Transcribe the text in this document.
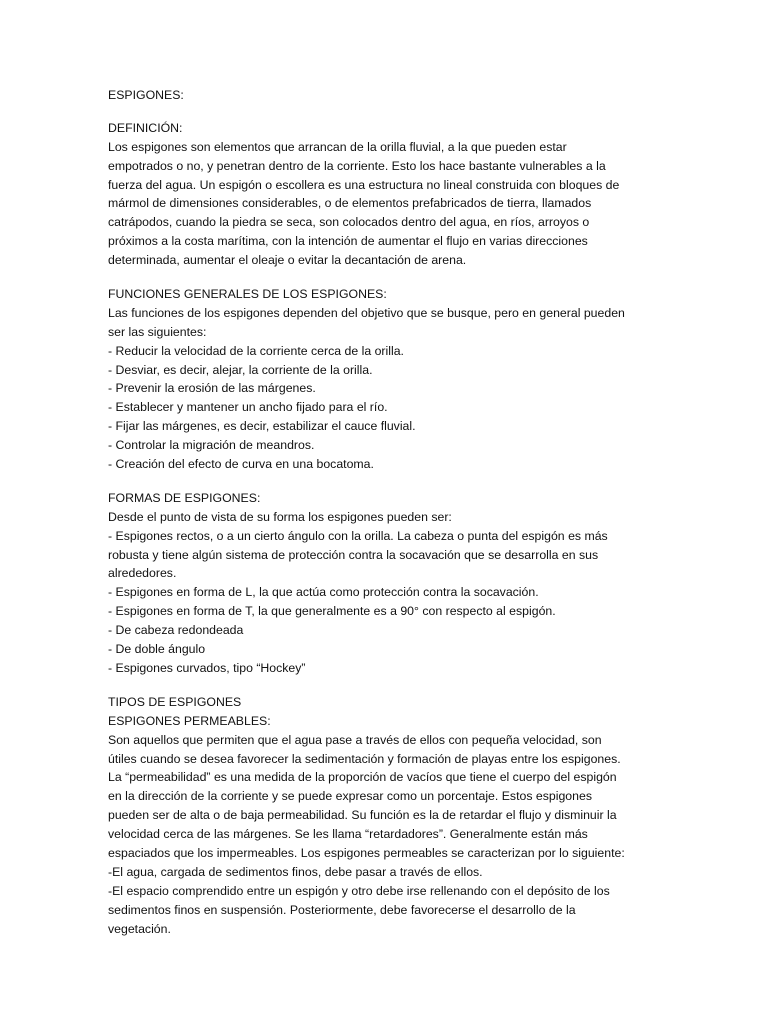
ESPIGONES:

DEFINICIÓN:

Los espigones son elementos que arrancan de la orilla fluvial, a la que pueden estar

empotrados o no, y penetran dentro de la corriente. Esto los hace bastante vulnerables a la

fuerza del agua. Un espigón o escollera es una estructura no lineal construida con bloques de

mármol de dimensiones considerables, o de elementos prefabricados de tierra, llamados

catrápodos, cuando la piedra se seca, son colocados dentro del agua, en ríos, arroyos o

próximos a la costa marítima, con la intención de aumentar el flujo en varias direcciones

determinada, aumentar el oleaje o evitar la decantación de arena.

FUNCIONES GENERALES DE LOS ESPIGONES:

Las funciones de los espigones dependen del objetivo que se busque, pero en general pueden

ser las siguientes:

- Reducir la velocidad de la corriente cerca de la orilla.

- Desviar, es decir, alejar, la corriente de la orilla.

- Prevenir la erosión de las márgenes.

- Establecer y mantener un ancho fijado para el río.

- Fijar las márgenes, es decir, estabilizar el cauce fluvial.

- Controlar la migración de meandros.

- Creación del efecto de curva en una bocatoma.

FORMAS DE ESPIGONES:

Desde el punto de vista de su forma los espigones pueden ser:

- Espigones rectos, o a un cierto ángulo con la orilla. La cabeza o punta del espigón es más

robusta y tiene algún sistema de protección contra la socavación que se desarrolla en sus

alrededores.

- Espigones en forma de L, la que actúa como protección contra la socavación.

- Espigones en forma de T, la que generalmente es a 90° con respecto al espigón.

- De cabeza redondeada

- De doble ángulo

- Espigones curvados, tipo “Hockey”

TIPOS DE ESPIGONES

ESPIGONES PERMEABLES:

Son aquellos que permiten que el agua pase a través de ellos con pequeña velocidad, son

útiles cuando se desea favorecer la sedimentación y formación de playas entre los espigones.

La “permeabilidad” es una medida de la proporción de vacíos que tiene el cuerpo del espigón

en la dirección de la corriente y se puede expresar como un porcentaje. Estos espigones

pueden ser de alta o de baja permeabilidad. Su función es la de retardar el flujo y disminuir la

velocidad cerca de las márgenes. Se les llama “retardadores”. Generalmente están más

espaciados que los impermeables. Los espigones permeables se caracterizan por lo siguiente:

-El agua, cargada de sedimentos finos, debe pasar a través de ellos.

-El espacio comprendido entre un espigón y otro debe irse rellenando con el depósito de los

sedimentos finos en suspensión. Posteriormente, debe favorecerse el desarrollo de la

vegetación.
